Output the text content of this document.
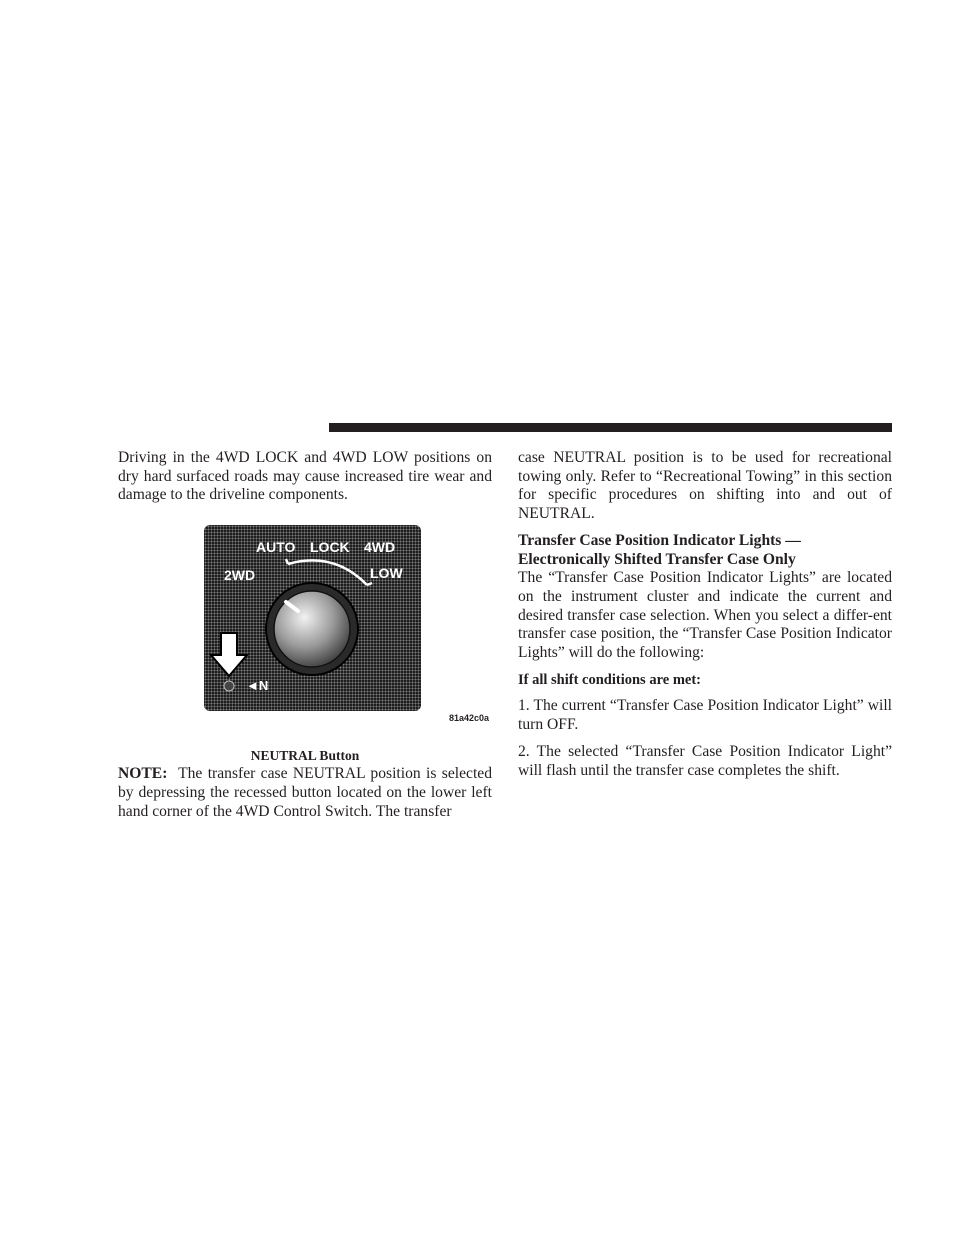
Driving in the 4WD LOCK and 4WD LOW positions on dry hard surfaced roads may cause increased tire wear and damage to the driveline components.

AUTO LOCK 4WD
2WD	LOW
◄N
81a42c0a

NEUTRAL Button

NOTE: The transfer case NEUTRAL position is selected by depressing the recessed button located on the lower left hand corner of the 4WD Control Switch. The transfer

case NEUTRAL position is to be used for recreational towing only. Refer to “Recreational Towing” in this section for specific procedures on shifting into and out of NEUTRAL.

Transfer Case Position Indicator Lights —

Electronically Shifted Transfer Case Only

The “Transfer Case Position Indicator Lights” are located on the instrument cluster and indicate the current and desired transfer case selection. When you select a differ-ent transfer case position, the “Transfer Case Position Indicator Lights” will do the following:

If all shift conditions are met:

1. The current “Transfer Case Position Indicator Light” will turn OFF.

2. The selected “Transfer Case Position Indicator Light” will flash until the transfer case completes the shift.
